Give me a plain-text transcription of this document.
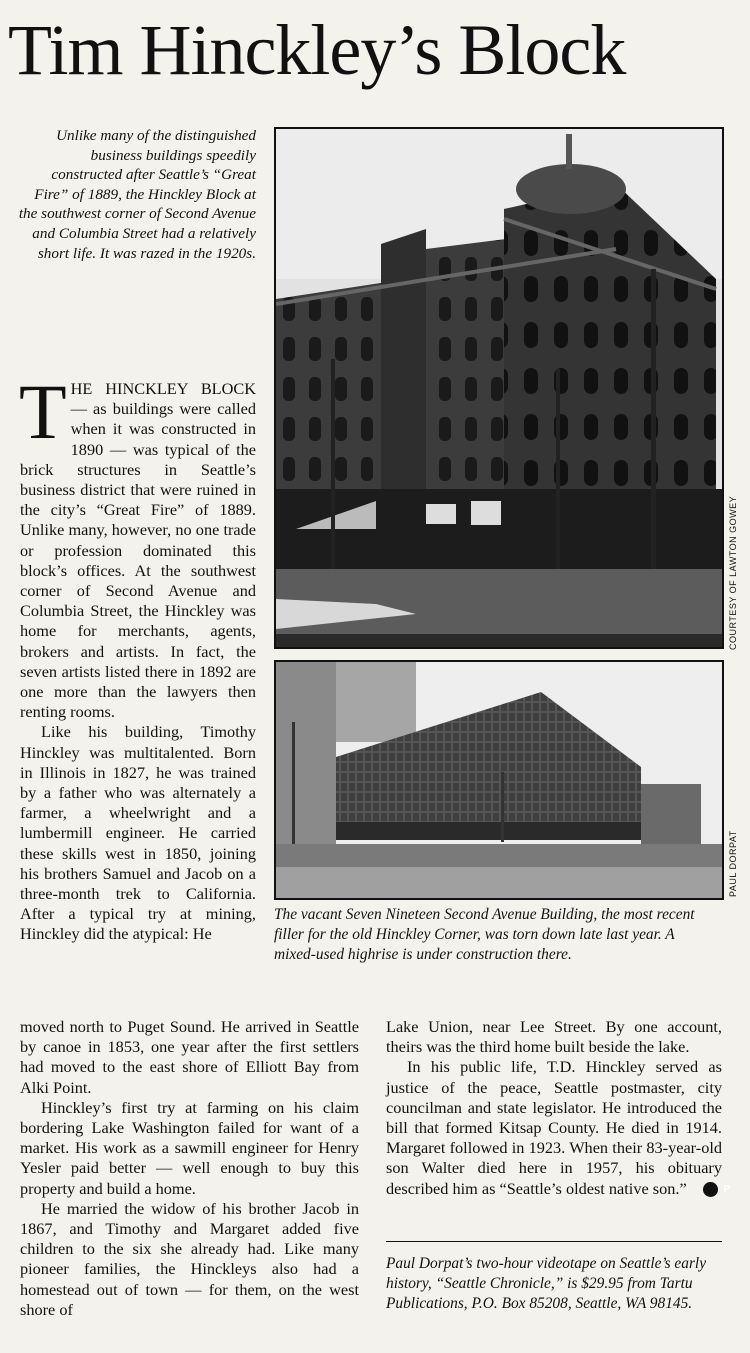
Tim Hinckley’s Block
Unlike many of the distinguished business buildings speedily constructed after Seattle’s “Great Fire” of 1889, the Hinckley Block at the southwest corner of Second Avenue and Columbia Street had a relatively short life. It was razed in the 1920s.
COURTESY OF LAWTON GOWEY
PAUL DORPAT
The vacant Seven Nineteen Second Avenue Building, the most recent filler for the old Hinckley Corner, was torn down late last year. A mixed-used highrise is under construction there.

THE HINCKLEY BLOCK — as buildings were called when it was constructed in 1890 — was typical of the brick structures in Seattle’s business district that were ruined in the city’s “Great Fire” of 1889. Unlike many, however, no one trade or profession dominated this block’s offices. At the southwest corner of Second Avenue and Columbia Street, the Hinckley was home for merchants, agents, brokers and artists. In fact, the seven artists listed there in 1892 are one more than the lawyers then renting rooms.

Like his building, Timothy Hinckley was multitalented. Born in Illinois in 1827, he was trained by a father who was alternately a farmer, a wheelwright and a lumbermill engineer. He carried these skills west in 1850, joining his brothers Samuel and Jacob on a three-month trek to California. After a typical try at mining, Hinckley did the atypical: He

moved north to Puget Sound. He arrived in Seattle by canoe in 1853, one year after the first settlers had moved to the east shore of Elliott Bay from Alki Point.

Hinckley’s first try at farming on his claim bordering Lake Washington failed for want of a market. His work as a sawmill engineer for Henry Yesler paid better — well enough to buy this property and build a home.

He married the widow of his brother Jacob in 1867, and Timothy and Margaret added five children to the six she already had. Like many pioneer families, the Hinckleys also had a homestead out of town — for them, on the west shore of

Lake Union, near Lee Street. By one account, theirs was the third home built beside the lake.

In his public life, T.D. Hinckley served as justice of the peace, Seattle postmaster, city councilman and state legislator. He introduced the bill that formed Kitsap County. He died in 1914. Margaret followed in 1923. When their 83-year-old son Walter died here in 1957, his obituary described him as “Seattle’s oldest native son.”	P

Paul Dorpat’s two-hour videotape on Seattle’s early history, “Seattle Chronicle,” is $29.95 from Tartu Publications, P.O. Box 85208, Seattle, WA 98145.
